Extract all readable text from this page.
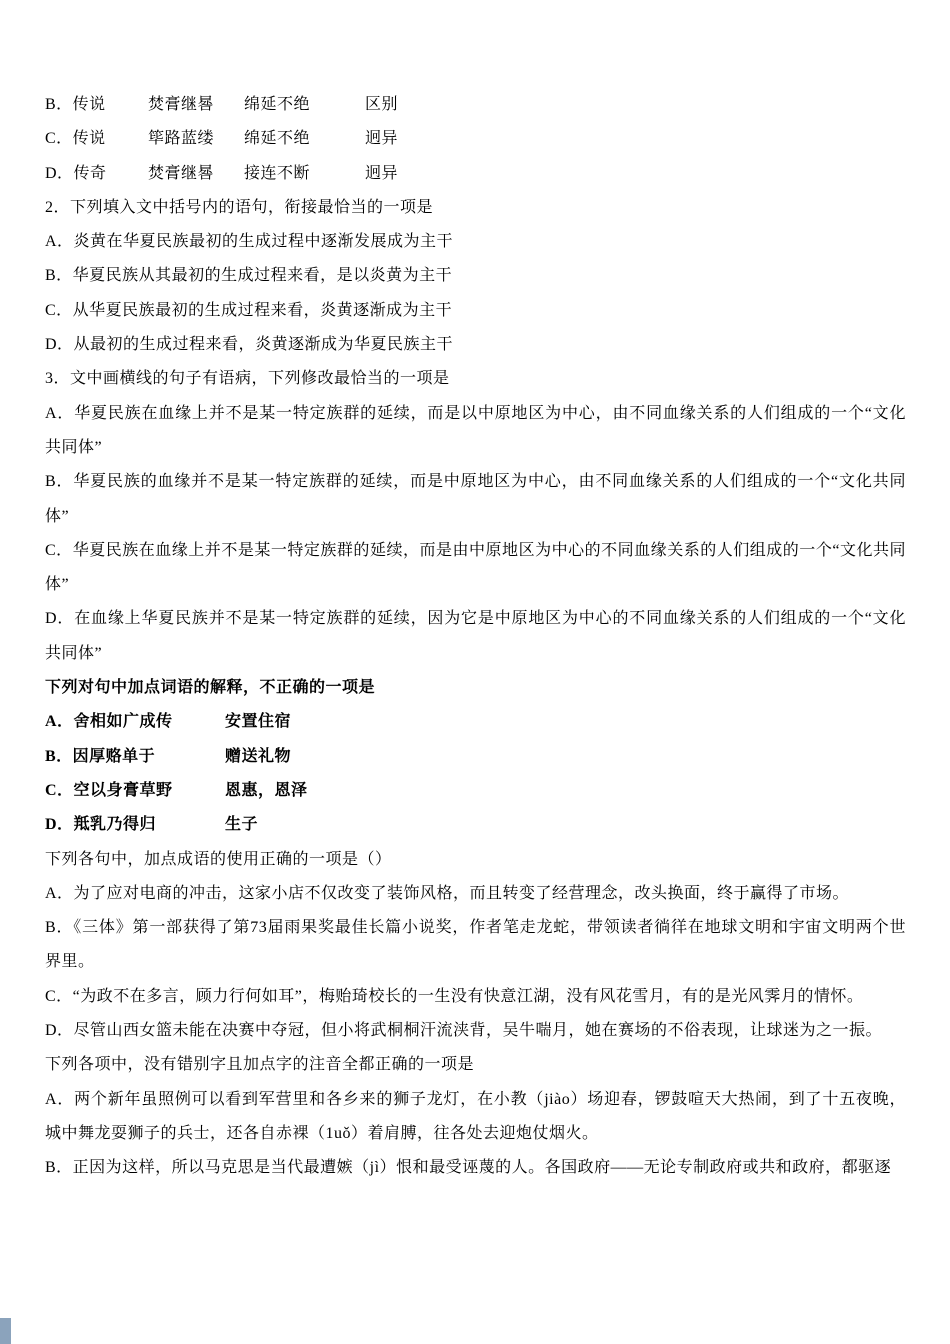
B．传说	焚膏继晷 绵延不绝	区别
C．传说	筚路蓝缕 绵延不绝	迥异
D．传奇	焚膏继晷 接连不断	迥异
2．下列填入文中括号内的语句，衔接最恰当的一项是
A．炎黄在华夏民族最初的生成过程中逐渐发展成为主干
B．华夏民族从其最初的生成过程来看，是以炎黄为主干
C．从华夏民族最初的生成过程来看，炎黄逐渐成为主干
D．从最初的生成过程来看，炎黄逐渐成为华夏民族主干
3．文中画横线的句子有语病，下列修改最恰当的一项是
A．华夏民族在血缘上并不是某一特定族群的延续，而是以中原地区为中心，由不同血缘关系的人们组成的一个“文化共同体”
B．华夏民族的血缘并不是某一特定族群的延续，而是中原地区为中心，由不同血缘关系的人们组成的一个“文化共同体”
C．华夏民族在血缘上并不是某一特定族群的延续，而是由中原地区为中心的不同血缘关系的人们组成的一个“文化共同体”
D．在血缘上华夏民族并不是某一特定族群的延续，因为它是中原地区为中心的不同血缘关系的人们组成的一个“文化共同体”
下列对句中加点词语的解释，不正确的一项是
A．舍相如广成传	安置住宿
B．因厚赂单于	赠送礼物
C．空以身膏草野	恩惠，恩泽
D．羝乳乃得归	生子
下列各句中，加点成语的使用正确的一项是（）
A．为了应对电商的冲击，这家小店不仅改变了装饰风格，而且转变了经营理念，改头换面，终于赢得了市场。
B．《三体》第一部获得了第73届雨果奖最佳长篇小说奖，作者笔走龙蛇，带领读者徜徉在地球文明和宇宙文明两个世界里。
C．“为政不在多言，顾力行何如耳”，梅贻琦校长的一生没有快意江湖，没有风花雪月，有的是光风霁月的情怀。
D．尽管山西女篮未能在决赛中夺冠，但小将武桐桐汗流浃背，吴牛喘月，她在赛场的不俗表现，让球迷为之一振。
下列各项中，没有错别字且加点字的注音全都正确的一项是
A．两个新年虽照例可以看到军营里和各乡来的狮子龙灯，在小教（jiào）场迎春，锣鼓喧天大热闹，到了十五夜晚，城中舞龙耍狮子的兵士，还各自赤裸（1uǒ）着肩膊，往各处去迎炮仗烟火。
B．正因为这样，所以马克思是当代最遭嫉（jì）恨和最受诬蔑的人。各国政府——无论专制政府或共和政府，都驱逐
